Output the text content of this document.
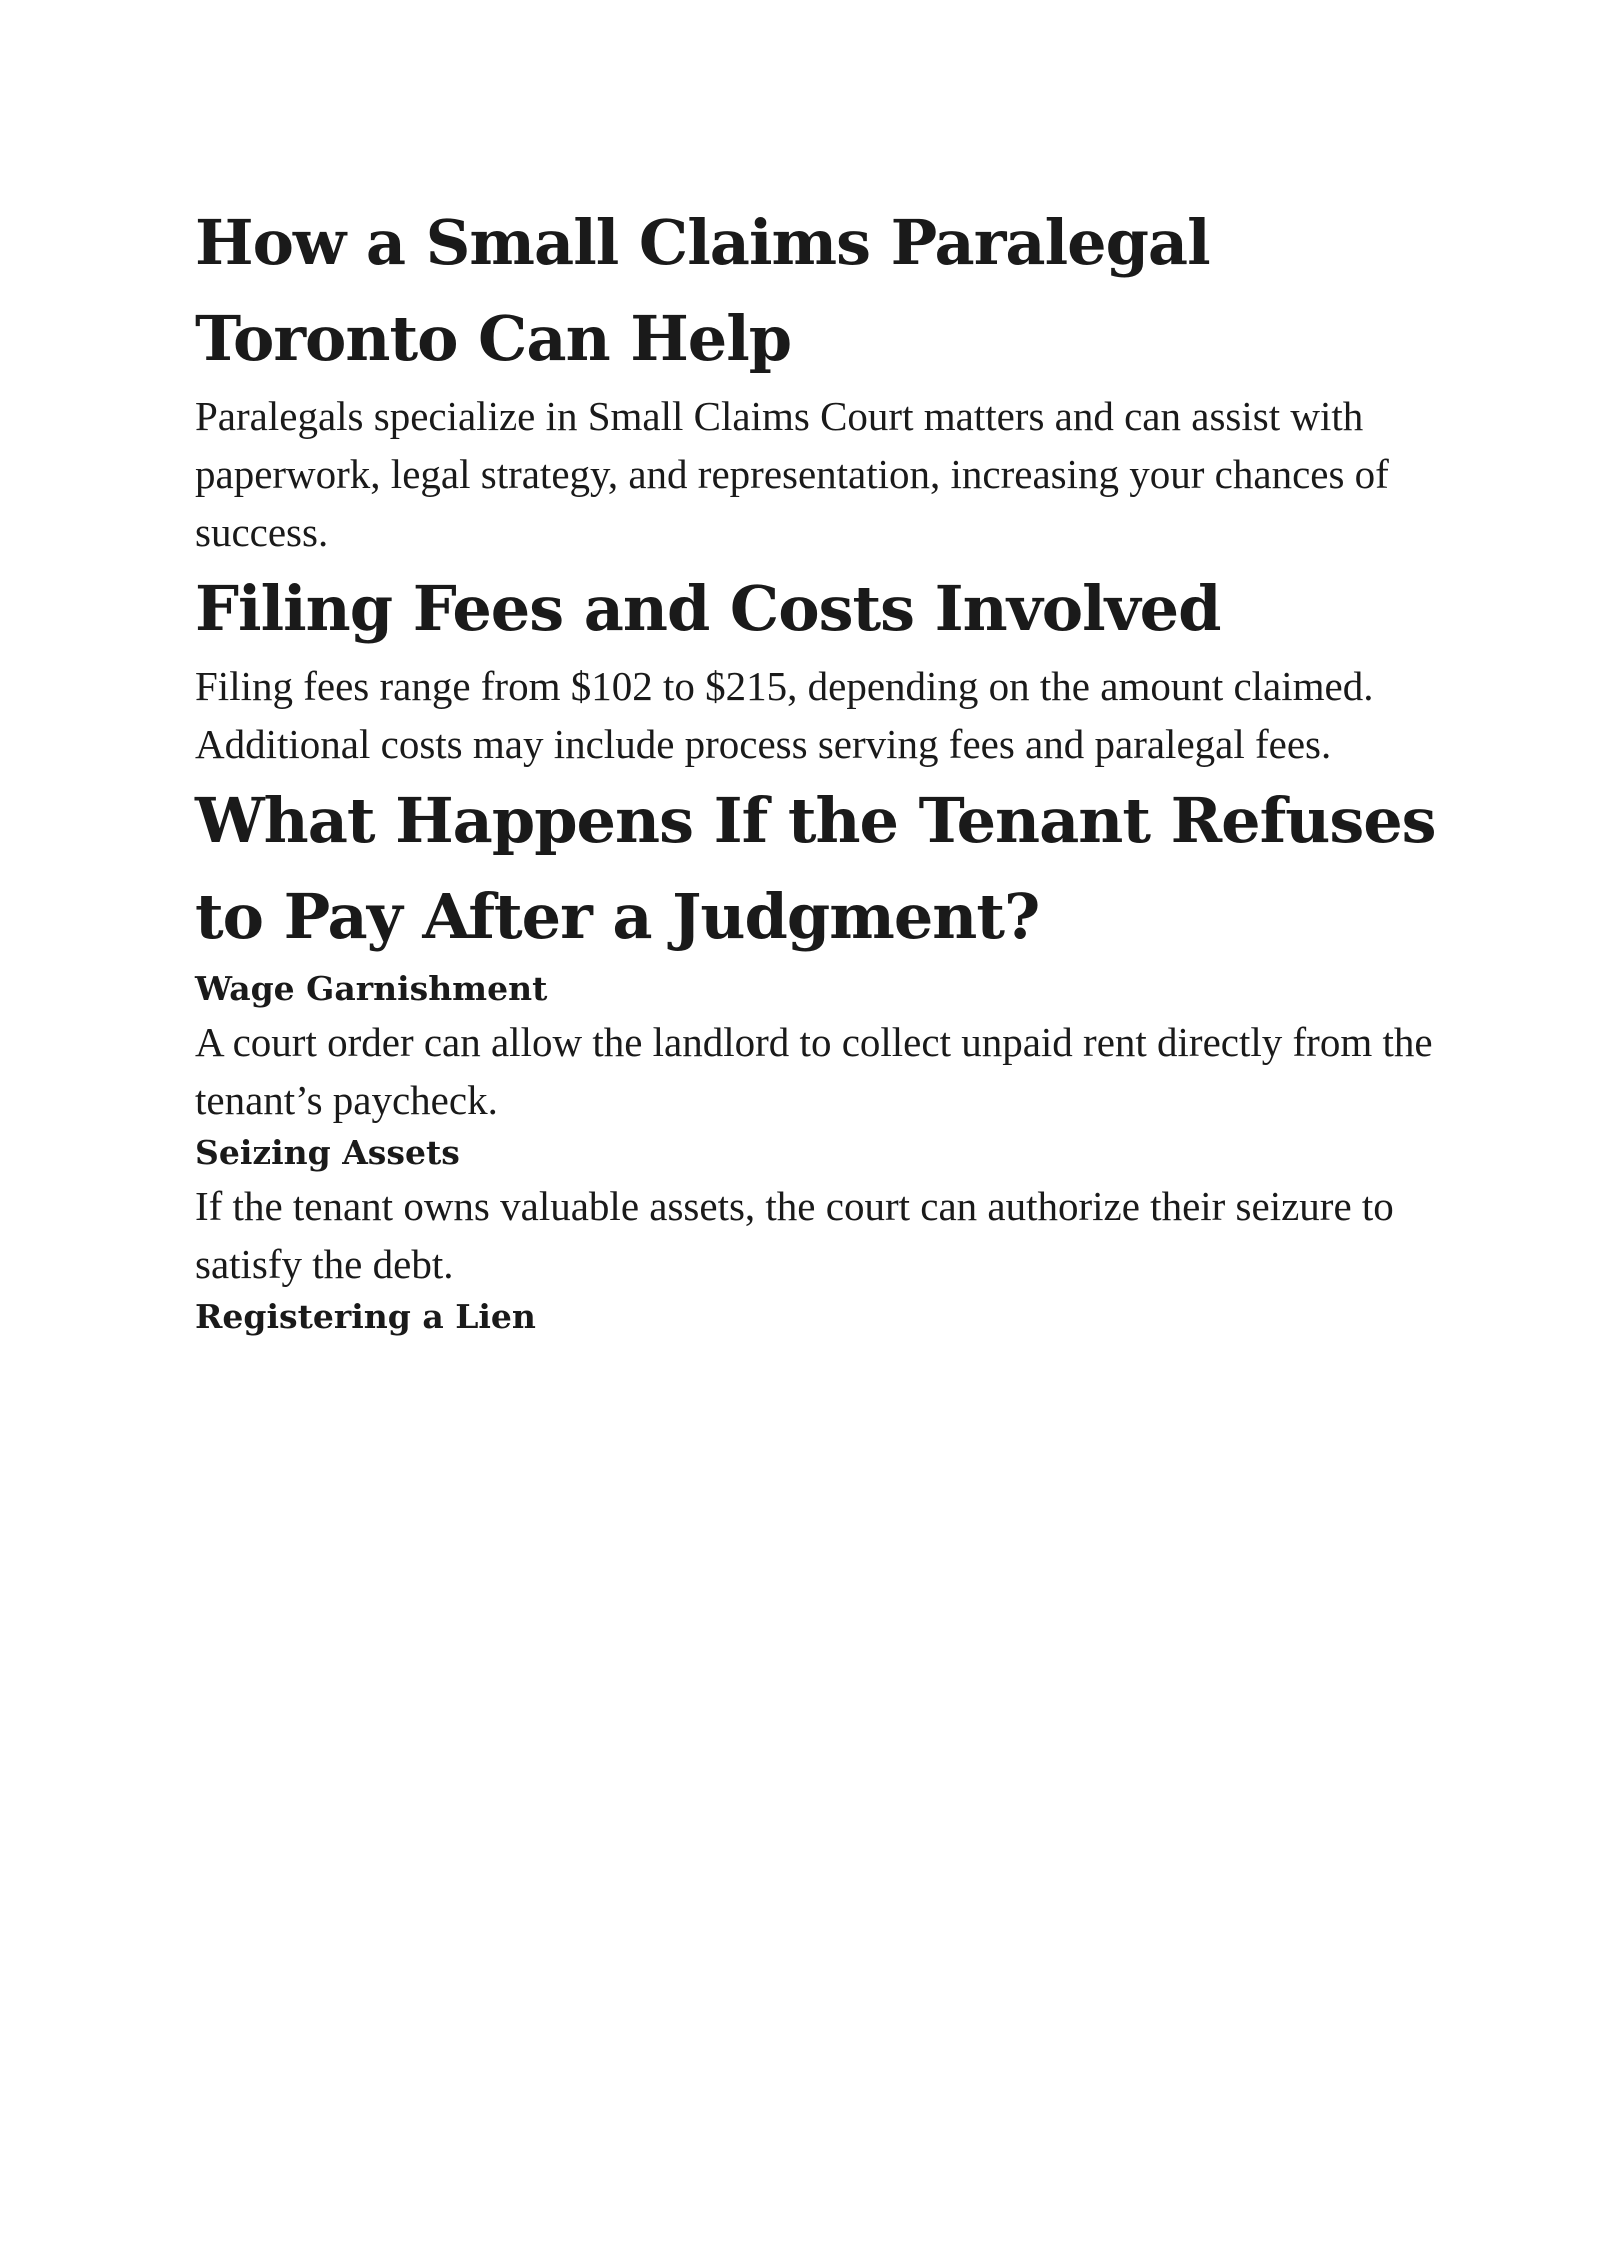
How a Small Claims Paralegal Toronto Can Help

Paralegals specialize in Small Claims Court matters and can assist with paperwork, legal strategy, and representation, increasing your chances of success.

Filing Fees and Costs Involved

Filing fees range from $102 to $215, depending on the amount claimed. Additional costs may include process serving fees and paralegal fees.

What Happens If the Tenant Refuses to Pay After a Judgment?
Wage Garnishment

A court order can allow the landlord to collect unpaid rent directly from the tenant’s paycheck.

Seizing Assets

If the tenant owns valuable assets, the court can authorize their seizure to satisfy the debt.

Registering a Lien
